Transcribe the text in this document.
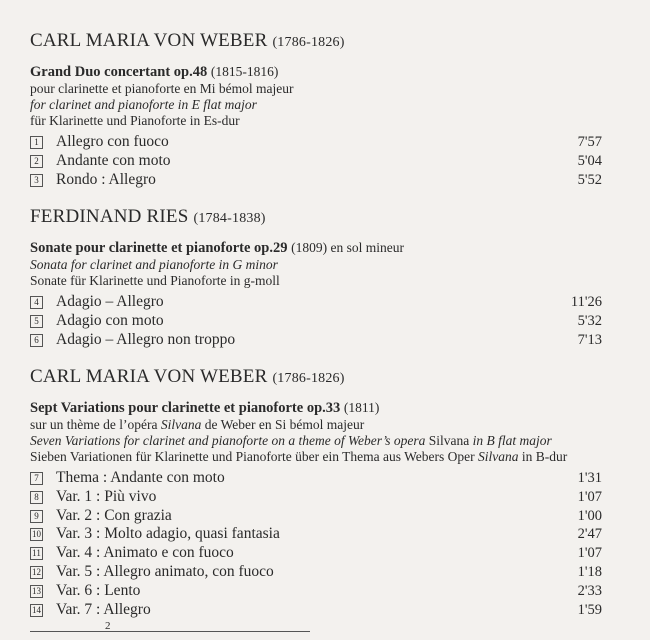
CARL MARIA VON WEBER (1786-1826)
Grand Duo concertant op.48 (1815-1816)
pour clarinette et pianoforte en Mi bémol majeur
for clarinet and pianoforte in E flat major
für Klarinette und Pianoforte in Es-dur
1 Allegro con fuoco	7'57
2 Andante con moto	5'04
3 Rondo : Allegro	5'52
FERDINAND RIES (1784-1838)
Sonate pour clarinette et pianoforte op.29 (1809) en sol mineur
Sonata for clarinet and pianoforte in G minor
Sonate für Klarinette und Pianoforte in g-moll
4 Adagio – Allegro	11'26
5 Adagio con moto	5'32
6 Adagio – Allegro non troppo	7'13
CARL MARIA VON WEBER (1786-1826)
Sept Variations pour clarinette et pianoforte op.33 (1811)
sur un thème de l’opéra Silvana de Weber en Si bémol majeur
Seven Variations for clarinet and pianoforte on a theme of Weber’s opera Silvana in B flat major
Sieben Variationen für Klarinette und Pianoforte über ein Thema aus Webers Oper Silvana in B-dur
7 Thema : Andante con moto	1'31
8 Var. 1 : Più vivo	1'07
9 Var. 2 : Con grazia	1'00
10 Var. 3 : Molto adagio, quasi fantasia	2'47
11 Var. 4 : Animato e con fuoco	1'07
12 Var. 5 : Allegro animato, con fuoco	1'18
13 Var. 6 : Lento	2'33
14 Var. 7 : Allegro	1'59
2
